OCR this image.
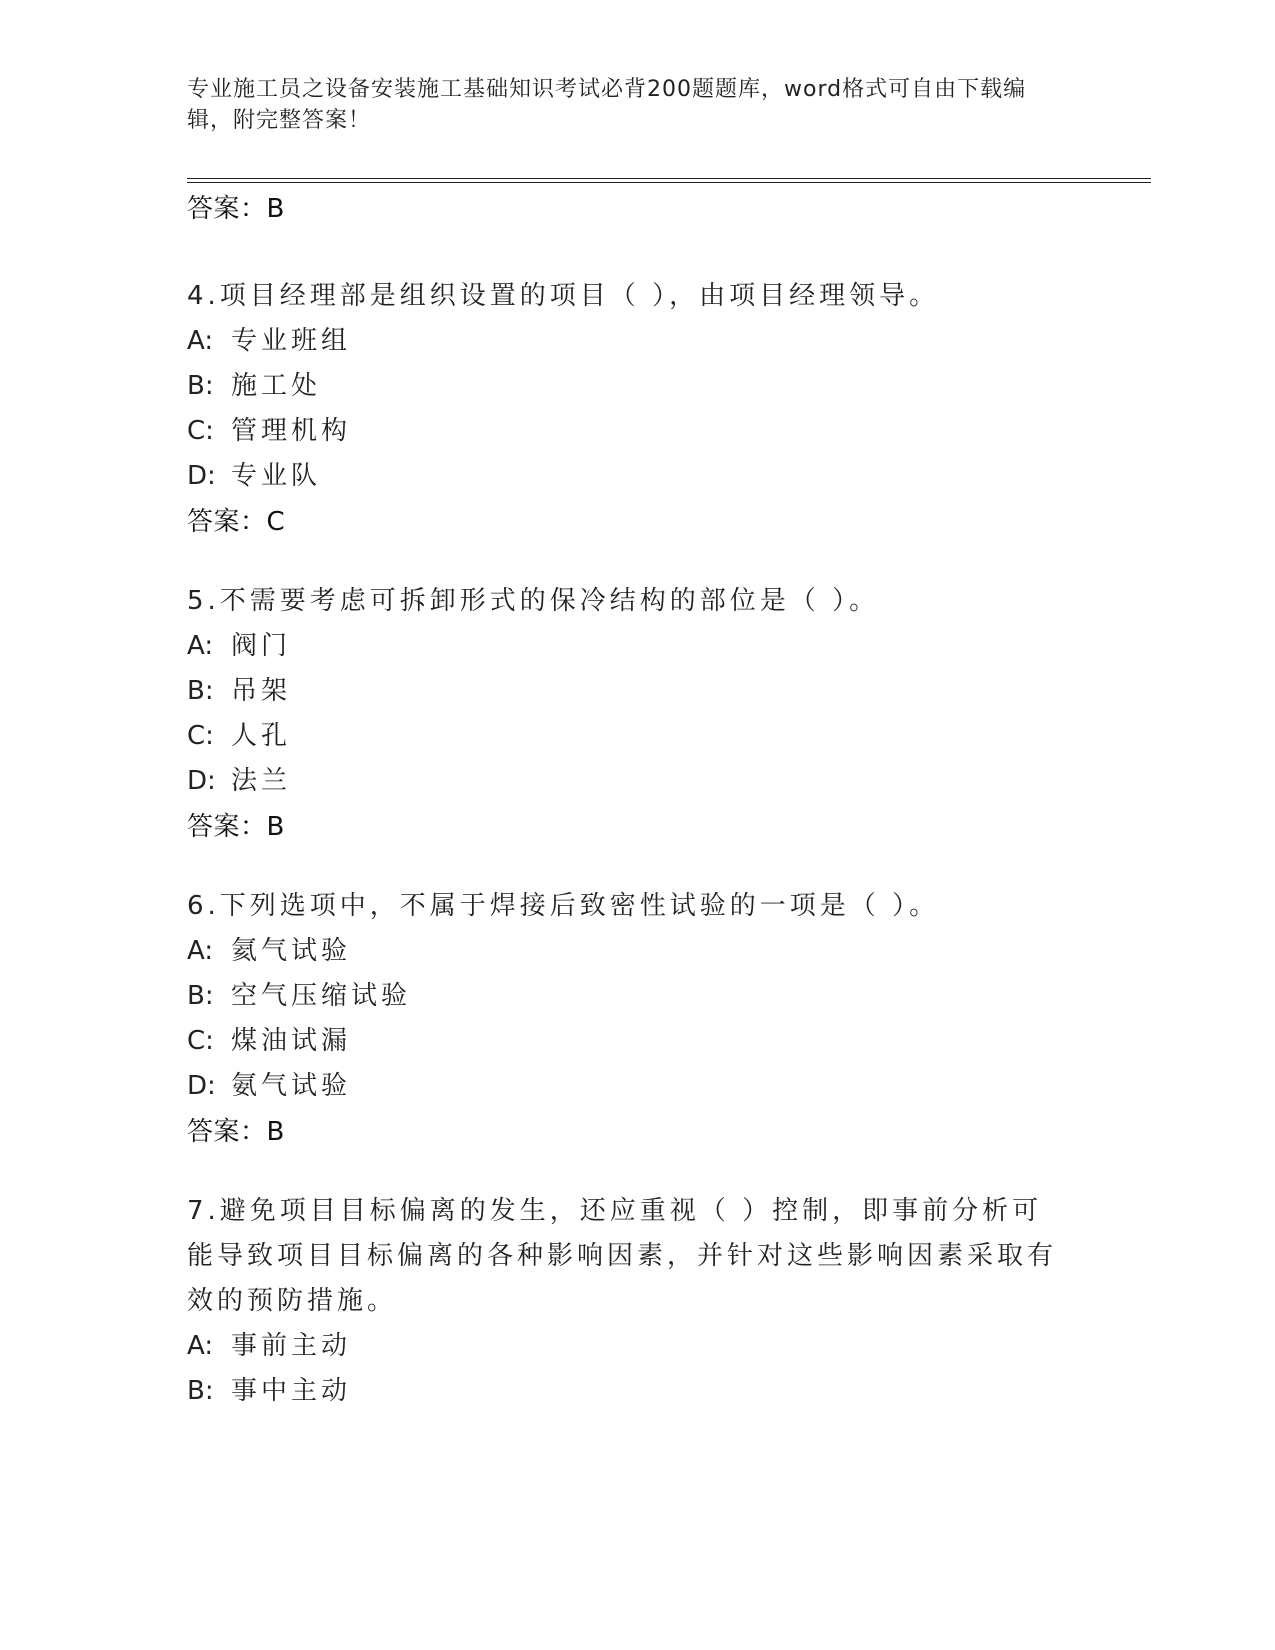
专业施工员之设备安装施工基础知识考试必背200题题库，word格式可自由下载编辑，附完整答案！
答案：B
4.项目经理部是组织设置的项目（ ），由项目经理领导。
A: 专业班组
B: 施工处
C: 管理机构
D: 专业队
答案：C
5.不需要考虑可拆卸形式的保冷结构的部位是（ ）。
A: 阀门
B: 吊架
C: 人孔
D: 法兰
答案：B
6.下列选项中，不属于焊接后致密性试验的一项是（ ）。
A: 氦气试验
B: 空气压缩试验
C: 煤油试漏
D: 氨气试验
答案：B
7.避免项目目标偏离的发生，还应重视（ ）控制，即事前分析可能导致项目目标偏离的各种影响因素，并针对这些影响因素采取有效的预防措施。
A: 事前主动
B: 事中主动
